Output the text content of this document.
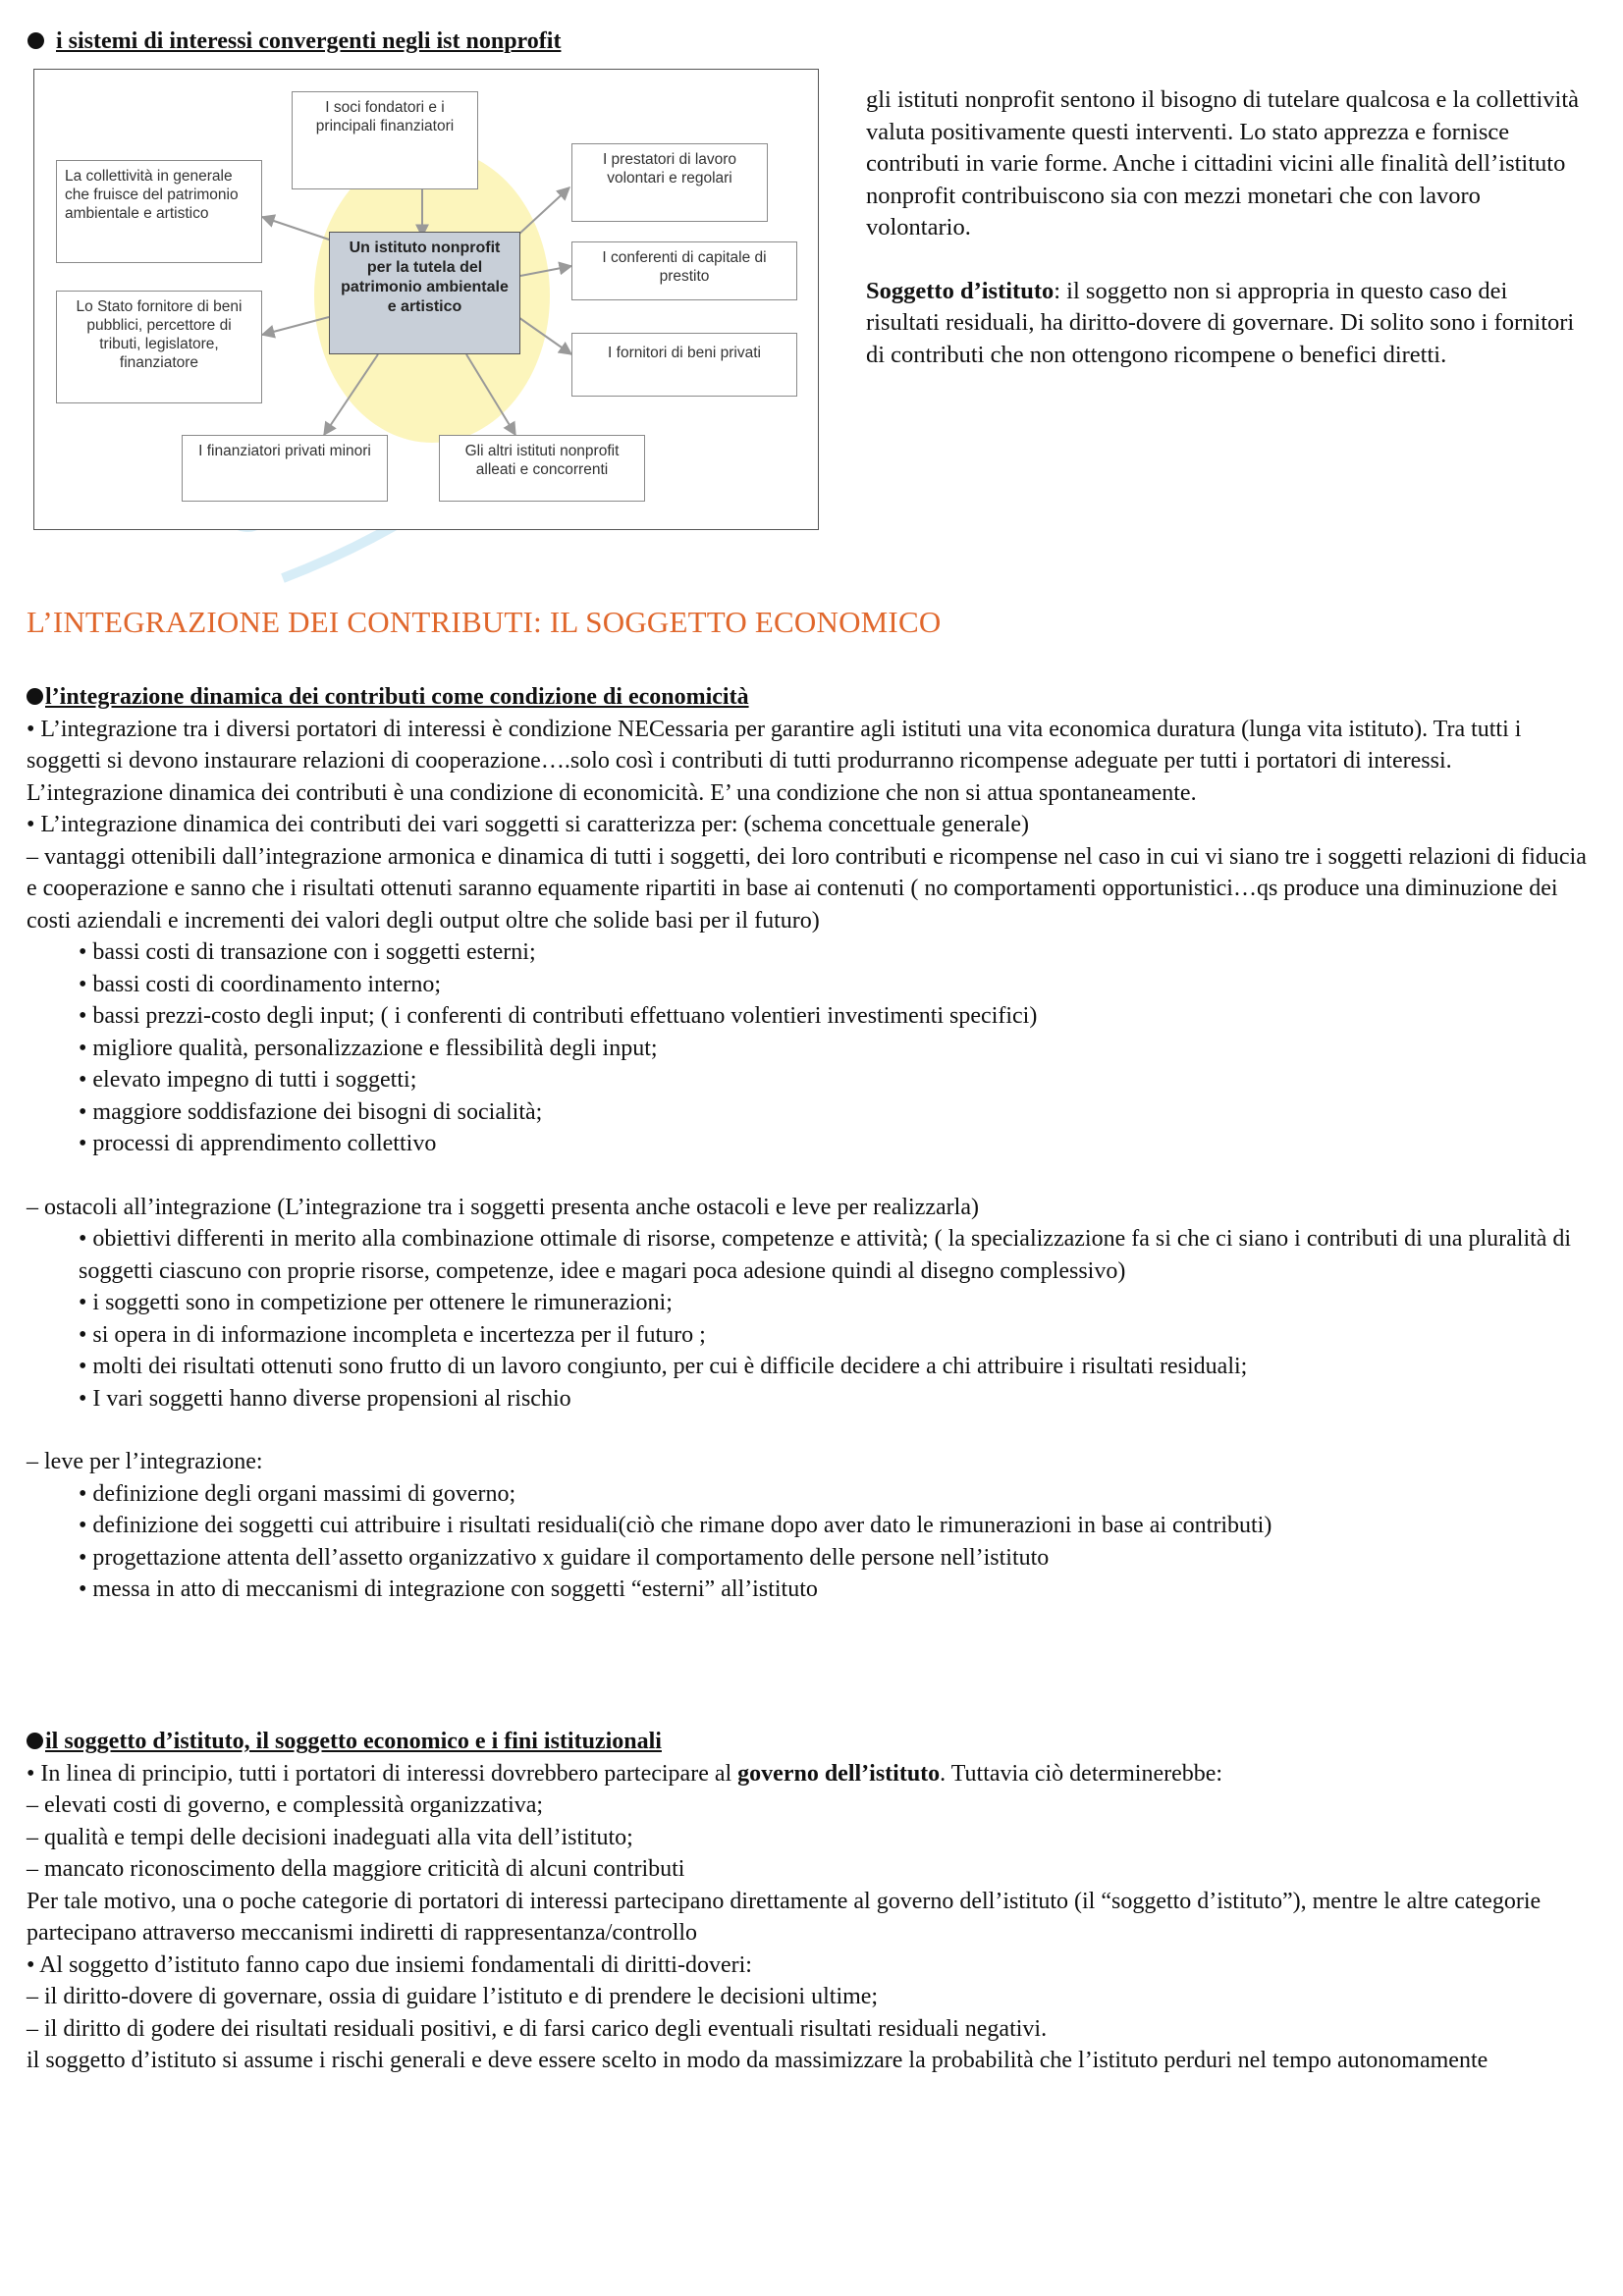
i sistemi di interessi convergenti negli ist nonprofit
I soci fondatori e i principali finanziatori
La collettività in generale che fruisce del patrimonio ambientale e artistico
Lo Stato fornitore di beni pubblici, percettore di tributi, legislatore, finanziatore
I prestatori di lavoro volontari e regolari
I conferenti di capitale di prestito
I fornitori di beni privati
I finanziatori privati minori	Gli altri istituti nonprofit alleati e concorrenti
Un istituto nonprofit per la tutela del patrimonio ambientale e artistico

gli istituti nonprofit sentono il bisogno di tutelare qualcosa e la collettività valuta positivamente questi interventi. Lo stato apprezza e fornisce contributi in varie forme. Anche i cittadini vicini alle finalità dell’istituto nonprofit contribuiscono sia con mezzi monetari che con lavoro volontario.

Soggetto d’istituto: il soggetto non si appropria in questo caso dei risultati residuali, ha diritto-dovere di governare. Di solito sono i fornitori di contributi che non ottengono ricompene o benefici diretti.

L’INTEGRAZIONE DEI CONTRIBUTI: IL SOGGETTO ECONOMICO

l’integrazione dinamica dei contributi come condizione di economicità

• L’integrazione tra i diversi portatori di interessi è condizione NECessaria per garantire agli istituti una vita economica duratura (lunga vita istituto). Tra tutti i soggetti si devono instaurare relazioni di cooperazione….solo così i contributi di tutti produrranno ricompense adeguate per tutti i portatori di interessi.

L’integrazione dinamica dei contributi è una condizione di economicità. E’ una condizione che non si attua spontaneamente.

• L’integrazione dinamica dei contributi dei vari soggetti si caratterizza per: (schema concettuale generale)

– vantaggi ottenibili dall’integrazione armonica e dinamica di tutti i soggetti, dei loro contributi e ricompense nel caso in cui vi siano tre i soggetti relazioni di fiducia e cooperazione e sanno che i risultati ottenuti saranno equamente ripartiti in base ai contenuti ( no comportamenti opportunistici…qs produce una diminuzione dei costi aziendali e incrementi dei valori degli output oltre che solide basi per il futuro)

• bassi costi di transazione con i soggetti esterni;

• bassi costi di coordinamento interno;

• bassi prezzi-costo degli input; ( i conferenti di contributi effettuano volentieri investimenti specifici)

• migliore qualità, personalizzazione e flessibilità degli input;

• elevato impegno di tutti i soggetti;

• maggiore soddisfazione dei bisogni di socialità;

• processi di apprendimento collettivo

– ostacoli all’integrazione (L’integrazione tra i soggetti presenta anche ostacoli e leve per realizzarla)

• obiettivi differenti in merito alla combinazione ottimale di risorse, competenze e attività; ( la specializzazione fa si che ci siano i contributi di una pluralità di soggetti ciascuno con proprie risorse, competenze, idee e magari poca adesione quindi al disegno complessivo)

• i soggetti sono in competizione per ottenere le rimunerazioni;

• si opera in di informazione incompleta e incertezza per il futuro ;

• molti dei risultati ottenuti sono frutto di un lavoro congiunto, per cui è difficile decidere a chi attribuire i risultati residuali;

• I vari soggetti hanno diverse propensioni al rischio

– leve per l’integrazione:

• definizione degli organi massimi di governo;

• definizione dei soggetti cui attribuire i risultati residuali(ciò che rimane dopo aver dato le rimunerazioni in base ai contributi)

• progettazione attenta dell’assetto organizzativo x guidare il comportamento delle persone nell’istituto

• messa in atto di meccanismi di integrazione con soggetti “esterni” all’istituto

il soggetto d’istituto, il soggetto economico e i fini istituzionali

• In linea di principio, tutti i portatori di interessi dovrebbero partecipare al governo dell’istituto. Tuttavia ciò determinerebbe:

– elevati costi di governo, e complessità organizzativa;

– qualità e tempi delle decisioni inadeguati alla vita dell’istituto;

– mancato riconoscimento della maggiore criticità di alcuni contributi

Per tale motivo, una o poche categorie di portatori di interessi partecipano direttamente al governo dell’istituto (il “soggetto d’istituto”), mentre le altre categorie partecipano attraverso meccanismi indiretti di rappresentanza/controllo

• Al soggetto d’istituto fanno capo due insiemi fondamentali di diritti-doveri:

– il diritto-dovere di governare, ossia di guidare l’istituto e di prendere le decisioni ultime;

– il diritto di godere dei risultati residuali positivi, e di farsi carico degli eventuali risultati residuali negativi.

il soggetto d’istituto si assume i rischi generali e deve essere scelto in modo da massimizzare la probabilità che l’istituto perduri nel tempo autonomamente
